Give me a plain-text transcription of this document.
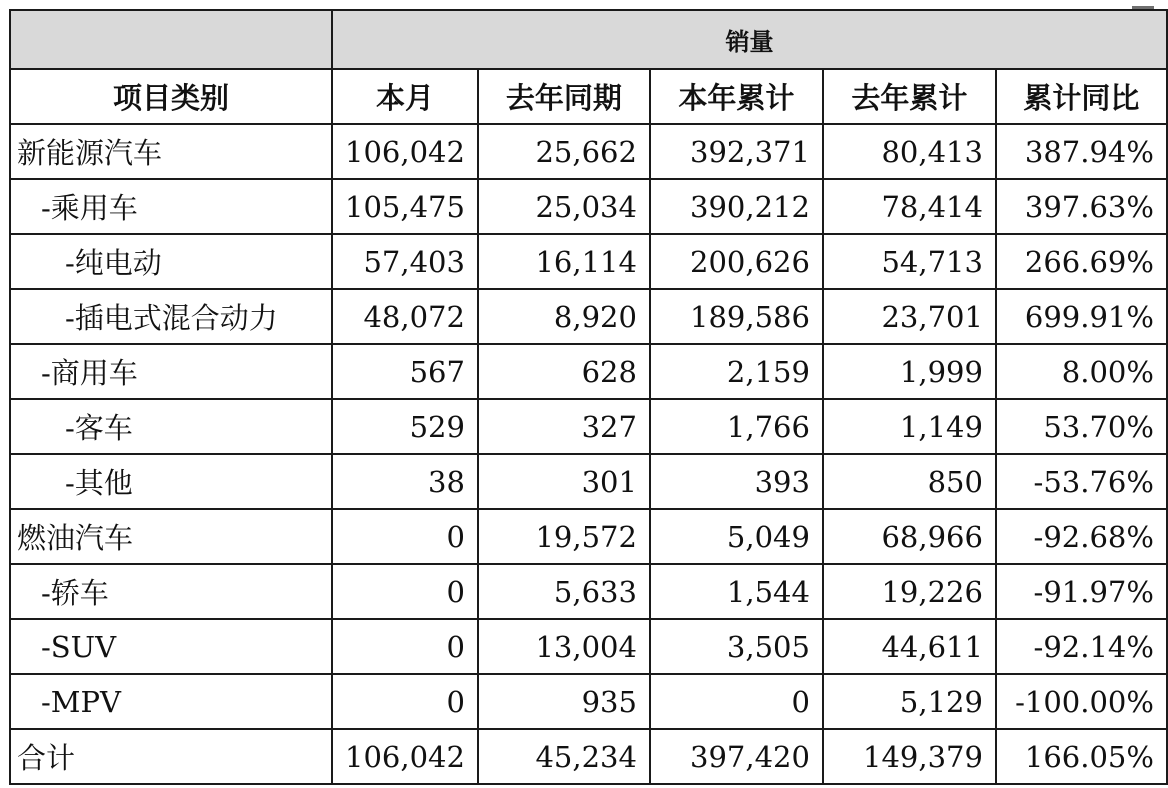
	销量				
项目类别	本月	去年同期	本年累计	去年累计	累计同比
新能源汽车	106,042	25,662	392,371	80,413	387.94%
-乘用车	105,475	25,034	390,212	78,414	397.63%
-纯电动	57,403	16,114	200,626	54,713	266.69%
-插电式混合动力	48,072	8,920	189,586	23,701	699.91%
-商用车	567	628	2,159	1,999	8.00%
-客车	529	327	1,766	1,149	53.70%
-其他	38	301	393	850	-53.76%
燃油汽车	0	19,572	5,049	68,966	-92.68%
-轿车	0	5,633	1,544	19,226	-91.97%
-SUV	0	13,004	3,505	44,611	-92.14%
-MPV	0	935	0	5,129	-100.00%
合计	106,042	45,234	397,420	149,379	166.05%
